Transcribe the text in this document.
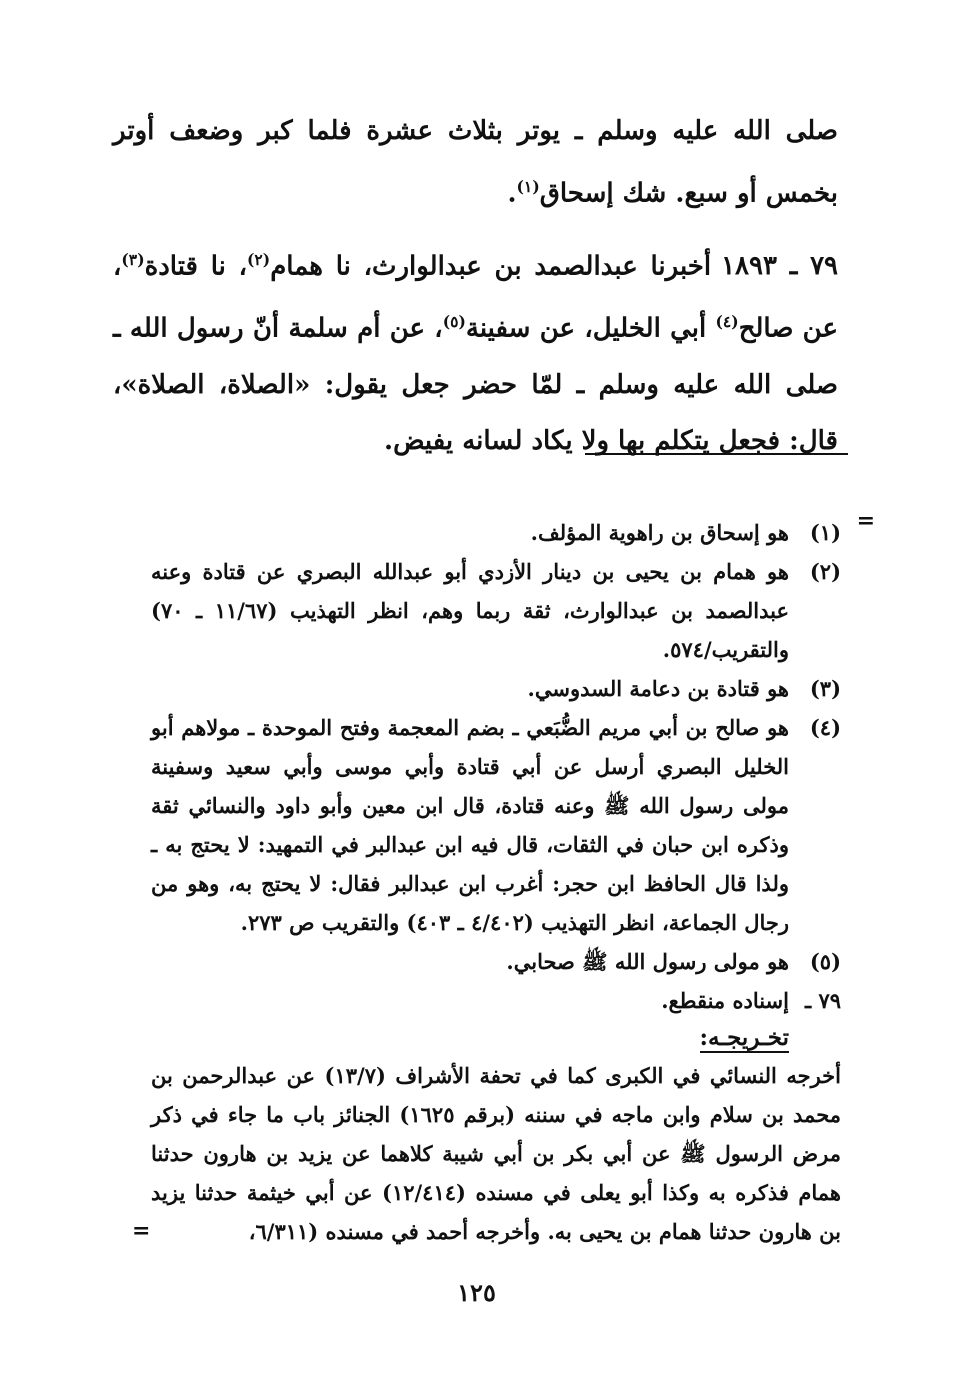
صلى الله عليه وسلم ـ يوتر بثلاث عشرة فلما كبر وضعف أوتر بخمس أو سبع. شك إسحاق$^{(١)}$.

٧٩ ـ ١٨٩٣أخبرنا عبدالصمد بن عبدالوارث، نا همام$^{(٢)}$، نا قتادة$^{(٣)}$، عن صالح$^{(٤)}$ أبي الخليل، عن سفينة$^{(٥)}$، عن أم سلمة أنّ رسول الله ـ صلى الله عليه وسلم ـ لمّا حضر جعل يقول: «الصلاة، الصلاة»، قال: فجعل يتكلم بها ولا يكاد لسانه يفيض.

=
(١)
هو إسحاق بن راهوية المؤلف.
(٢)
هو همام بن يحيى بن دينار الأزدي أبو عبدالله البصري عن قتادة وعنه عبدالصمد بن عبدالوارث، ثقة ربما وهم، انظر التهذيب (١١/٦٧ ـ ٧٠) والتقريب/٥٧٤.
(٣)
هو قتادة بن دعامة السدوسي.
(٤)
هو صالح بن أبي مريم الضُّبَعي ـ بضم المعجمة وفتح الموحدة ـ مولاهم أبو الخليل البصري أرسل عن أبي قتادة وأبي موسى وأبي سعيد وسفينة مولى رسول الله ﷺ وعنه قتادة، قال ابن معين وأبو داود والنسائي ثقة وذكره ابن حبان في الثقات، قال فيه ابن عبدالبر في التمهيد: لا يحتج به ـ ولذا قال الحافظ ابن حجر: أغرب ابن عبدالبر فقال: لا يحتج به، وهو من رجال الجماعة، انظر التهذيب (٤/٤٠٢ ـ ٤٠٣) والتقريب ص ٢٧٣.
(٥)
هو مولى رسول الله ﷺ صحابي.
٧٩ ـ
إسناده منقطع.
تخـريجـه:
أخرجه النسائي في الكبرى كما في تحفة الأشراف (١٣/٧) عن عبدالرحمن بن محمد بن سلام وابن ماجه في سننه (برقم ١٦٢٥) الجنائز باب ما جاء في ذكر مرض الرسول ﷺ عن أبي بكر بن أبي شيبة كلاهما عن يزيد بن هارون حدثنا همام فذكره به وكذا أبو يعلى في مسنده (١٢/٤١٤) عن أبي خيثمة حدثنا يزيد بن هارون حدثنا همام بن يحيى به. وأخرجه أحمد في مسنده (٦/٣١١،
=
١٢٥
